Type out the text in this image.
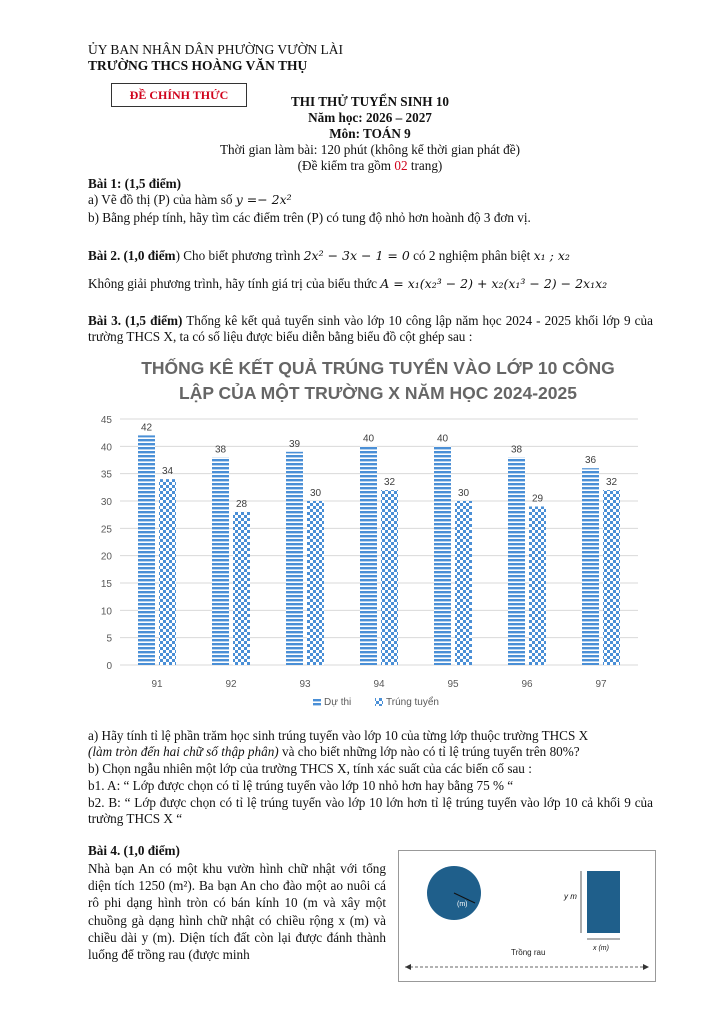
ỦY BAN NHÂN DÂN PHƯỜNG VƯỜN LÀI
TRƯỜNG THCS HOÀNG VĂN THỤ
ĐỀ CHÍNH THỨC	THI THỬ TUYỂN SINH 10
Năm học: 2026 – 2027
Môn: TOÁN 9
Thời gian làm bài: 120 phút (không kể thời gian phát đề)
(Đề kiểm tra gồm 02 trang)
Bài 1: (1,5 điểm)
a) Vẽ đồ thị (P) của hàm số y =− 2x²
b) Bằng phép tính, hãy tìm các điểm trên (P) có tung độ nhỏ hơn hoành độ 3 đơn vị.
Bài 2. (1,0 điểm) Cho biết phương trình 2x² − 3x − 1 = 0 có 2 nghiệm phân biệt x₁ ; x₂
Không giải phương trình, hãy tính giá trị của biểu thức A = x₁(x₂³ − 2) + x₂(x₁³ − 2) − 2x₁x₂
Bài 3. (1,5 điểm) Thống kê kết quả tuyển sinh vào lớp 10 công lập năm học 2024 - 2025 khối lớp 9 của trường THCS X, ta có số liệu được biểu diễn bằng biểu đồ cột ghép sau :
THỐNG KÊ KẾT QUẢ TRÚNG TUYỂN VÀO LỚP 10 CÔNG
LẬP CỦA MỘT TRƯỜNG X NĂM HỌC 2024-2025
0
5
10
15
20
25
30
35
40
45
42
34
91
38
28
92
39
30
93
40
32
94
40
30
95
38
29
96
36
32
97
Dự thi	Trúng tuyển
a) Hãy tính tỉ lệ phần trăm học sinh trúng tuyển vào lớp 10 của từng lớp thuộc trường THCS X
(làm tròn đến hai chữ số thập phân) và cho biết những lớp nào có tỉ lệ trúng tuyển trên 80%?
b) Chọn ngẫu nhiên một lớp của trường THCS X, tính xác suất của các biến cố sau :
b1. A: “ Lớp được chọn có tỉ lệ trúng tuyển vào lớp 10 nhỏ hơn hay bằng 75 % “
b2. B: “ Lớp được chọn có tỉ lệ trúng tuyển vào lớp 10 lớn hơn tỉ lệ trúng tuyển vào lớp 10 cả khối 9 của trường THCS X “
Bài 4. (1,0 điểm)
Nhà bạn An có một khu vườn hình chữ nhật với tổng diện tích 1250 (m²). Ba bạn An cho đào một ao nuôi cá rô phi dạng hình tròn có bán kính 10 (m và xây một chuồng gà dạng hình chữ nhật có chiều rộng x (m) và chiều dài y (m). Diện tích đất còn lại được đánh thành luống để trồng rau (được minh
(m)
y m
x (m)
Trồng rau
